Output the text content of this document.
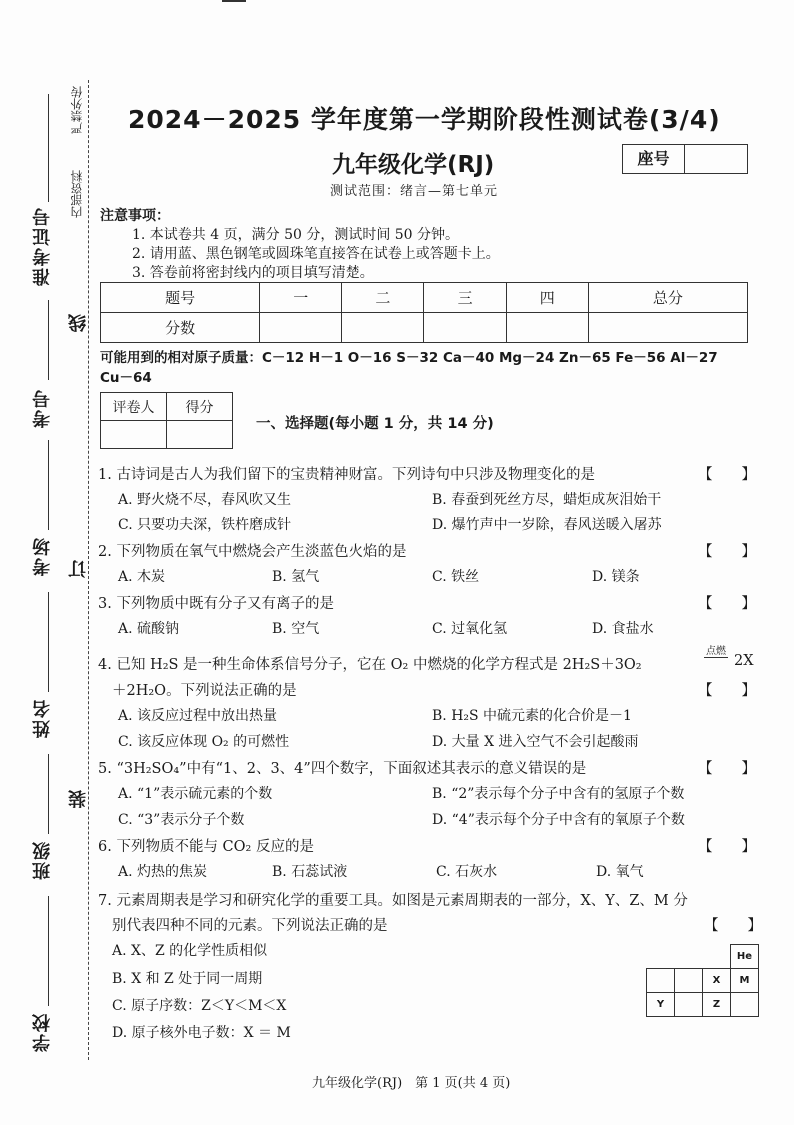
严禁外传
内部资料
准考证号
考号
考场
姓名
班级
学校
线
订
装
2024－2025 学年度第一学期阶段性测试卷(3/4)
九年级化学(RJ)	座号
测试范围：绪言—第七单元
注意事项：
1. 本试卷共 4 页，满分 50 分，测试时间 50 分钟。
2. 请用蓝、黑色钢笔或圆珠笔直接答在试卷上或答题卡上。
3. 答卷前将密封线内的项目填写清楚。
题号	一	二	三	四	总分
分数					
可能用到的相对原子质量：C－12 H－1 O－16 S－32 Ca－40 Mg－24 Zn－65 Fe－56 Al－27
Cu－64
评卷人	得分

一、选择题(每小题 1 分，共 14 分)
1. 古诗词是古人为我们留下的宝贵精神财富。下列诗句中只涉及物理变化的是	【　　】
A. 野火烧不尽，春风吹又生	B. 春蚕到死丝方尽，蜡炬成灰泪始干
C. 只要功夫深，铁杵磨成针	D. 爆竹声中一岁除，春风送暖入屠苏
2. 下列物质在氧气中燃烧会产生淡蓝色火焰的是	【　　】
A. 木炭	B. 氢气	C. 铁丝	D. 镁条
3. 下列物质中既有分子又有离子的是	【　　】
A. 硫酸钠	B. 空气	C. 过氧化氢	D. 食盐水
4. 已知 H₂S 是一种生命体系信号分子，它在 O₂ 中燃烧的化学方程式是 2H₂S＋3O₂
点燃
2X
＋2H₂O。下列说法正确的是	【　　】
A. 该反应过程中放出热量	B. H₂S 中硫元素的化合价是－1
C. 该反应体现 O₂ 的可燃性	D. 大量 X 进入空气不会引起酸雨
5. “3H₂SO₄”中有“1、2、3、4”四个数字，下面叙述其表示的意义错误的是	【　　】
A. “1”表示硫元素的个数	B. “2”表示每个分子中含有的氢原子个数
C. “3”表示分子个数	D. “4”表示每个分子中含有的氧原子个数
6. 下列物质不能与 CO₂ 反应的是	【　　】
A. 灼热的焦炭	B. 石蕊试液	C. 石灰水	D. 氧气
7. 元素周期表是学习和研究化学的重要工具。如图是元素周期表的一部分，X、Y、Z、M 分
别代表四种不同的元素。下列说法正确的是	【　　】
A. X、Z 的化学性质相似
B. X 和 Z 处于同一周期
C. 原子序数：Z＜Y＜M＜X
D. 原子核外电子数：X ＝ M
			He
		X	M
Y		Z	
九年级化学(RJ)　第 1 页(共 4 页)
